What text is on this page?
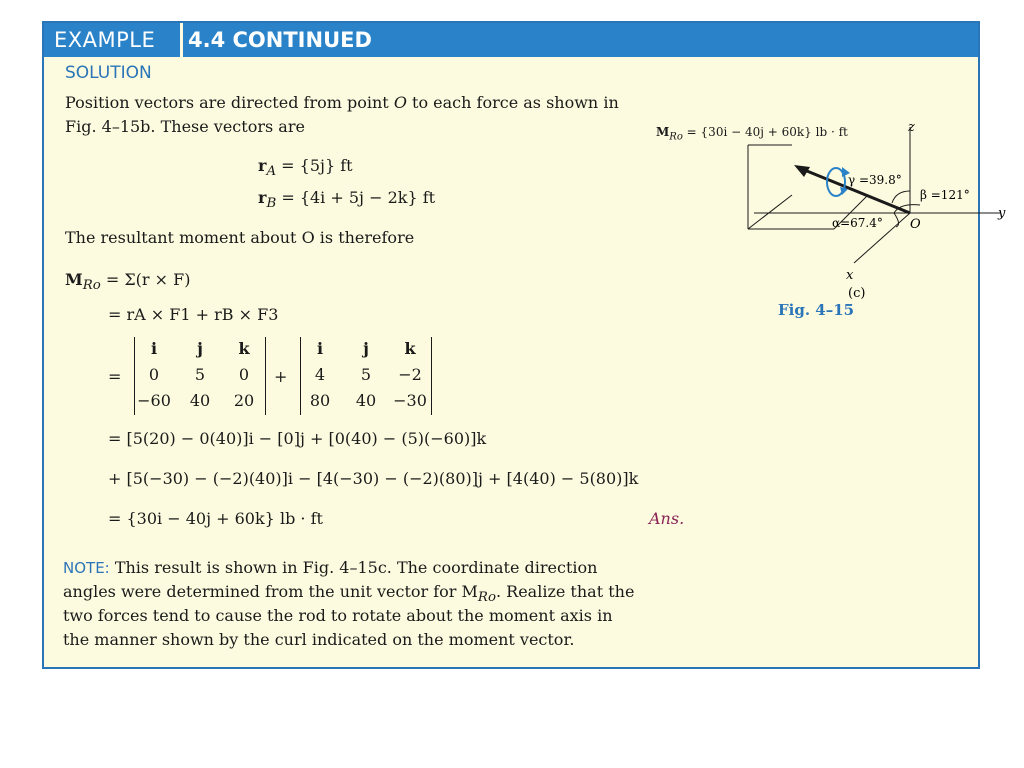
EXAMPLE	4.4 CONTINUED
SOLUTION
Position vectors are directed from point O to each force as shown in
Fig. 4–15b. These vectors are
$r_A = \{5j\}$ ft
$r_B = \{4i + 5j - 2k\}$ ft
The resultant moment about O is therefore
$M_{Ro} = \Sigma(r \times F)$
= rA × F1 + rB × F3
=
i	j	k
0	5	0
−60	40	20
+
i	j	k
4	5	−2
80	40	−30
= [5(20) − 0(40)]i − [0]j + [0(40) − (5)(−60)]k
+ [5(−30) − (−2)(40)]i − [4(−30) − (−2)(80)]j + [4(40) − 5(80)]k
= {30i − 40j + 60k} lb · ft	Ans.
NOTE: This result is shown in Fig. 4–15c. The coordinate direction
angles were determined from the unit vector for $M_{Ro}$. Realize that the
two forces tend to cause the rod to rotate about the moment axis in
the manner shown by the curl indicated on the moment vector.
z
y
x
O
γ =39.8°
β =121°
α=67.4°
(c)
$M_{Ro} = \{30i - 40j + 60k\}$ lb · ft
Fig. 4–15
